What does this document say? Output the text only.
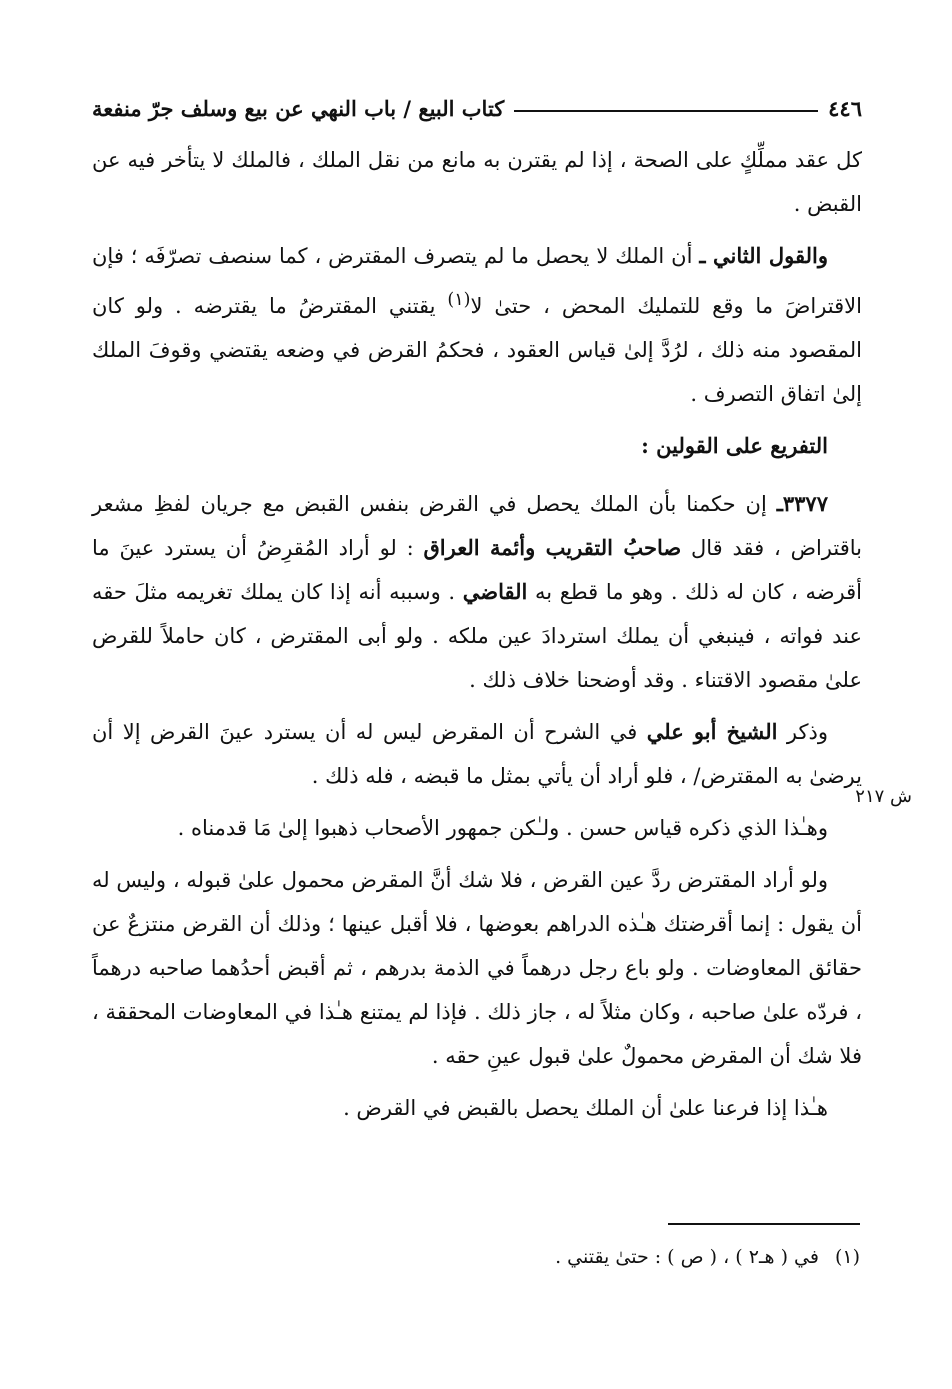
٤٤٦
كتاب البيع / باب النهي عن بيع وسلف جرّ منفعة

كل عقد مملِّكٍ على الصحة ، إذا لم يقترن به مانع من نقل الملك ، فالملك لا يتأخر فيه عن القبض .

والقول الثاني ـ أن الملك لا يحصل ما لم يتصرف المقترض ، كما سنصف تصرّفَه ؛ فإن الاقتراضَ ما وقع للتمليك المحض ، حتىٰ لا$^{(١)}$ يقتني المقترضُ ما يقترضه . ولو كان المقصود منه ذلك ، لرُدَّ إلىٰ قياس العقود ، فحكمُ القرض في وضعه يقتضي وقوفَ الملك إلىٰ اتفاق التصرف .

التفريع على القولين :

٣٣٧٧ـ إن حكمنا بأن الملك يحصل في القرض بنفس القبض مع جريان لفظِ مشعر باقتراض ، فقد قال صاحبُ التقريب وأئمة العراق : لو أراد المُقرِضُ أن يسترد عينَ ما أقرضه ، كان له ذلك . وهو ما قطع به القاضي . وسببه أنه إذا كان يملك تغريمه مثلَ حقه عند فواته ، فينبغي أن يملك استردادَ عين ملكه . ولو أبى المقترض ، كان حاملاً للقرض علىٰ مقصود الاقتناء . وقد أوضحنا خلاف ذلك .

وذكر الشيخ أبو علي في الشرح أن المقرض ليس له أن يسترد عينَ القرض إلا أن يرضىٰ به المقترض/ ، فلو أراد أن يأتي بمثل ما قبضه ، فله ذلك .

وهـٰذا الذي ذكره قياس حسن . ولـٰكن جمهور الأصحاب ذهبوا إلىٰ مَا قدمناه .

ولو أراد المقترض ردَّ عين القرض ، فلا شك أنَّ المقرض محمول علىٰ قبوله ، وليس له أن يقول : إنما أقرضتك هـٰذه الدراهم بعوضها ، فلا أقبل عينها ؛ وذلك أن القرض منتزعٌ عن حقائق المعاوضات . ولو باع رجل درهماً في الذمة بدرهم ، ثم أقبض أحدُهما صاحبه درهماً ، فردّه علىٰ صاحبه ، وكان مثلاً له ، جاز ذلك . فإذا لم يمتنع هـٰذا في المعاوضات المحققة ، فلا شك أن المقرض محمولٌ علىٰ قبول عينِ حقه .

هـٰذا إذا فرعنا علىٰ أن الملك يحصل بالقبض في القرض .

ش ٢١٧
(١)في ( هـ٢ ) ، ( ص ) : حتىٰ يقتني .
